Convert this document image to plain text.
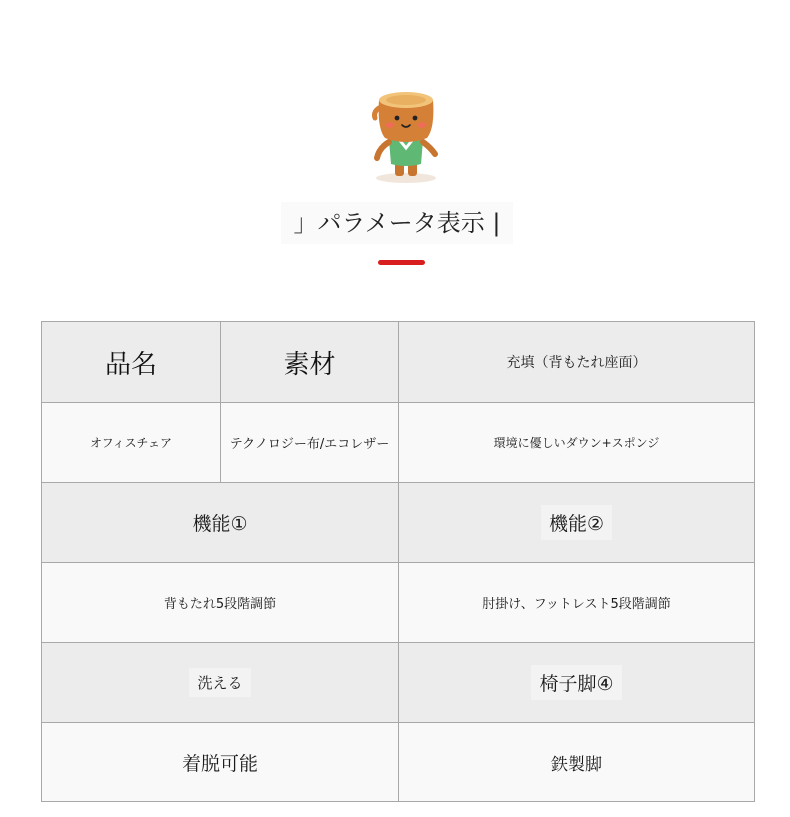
」パラメータ表示 |
品名	素材	充填（背もたれ座面）
オフィスチェア	テクノロジー布/エコレザー	環境に優しいダウン+スポンジ
機能①	機能②
背もたれ5段階調節	肘掛け、フットレスト5段階調節
洗える	椅子脚④
着脱可能	鉄製脚
